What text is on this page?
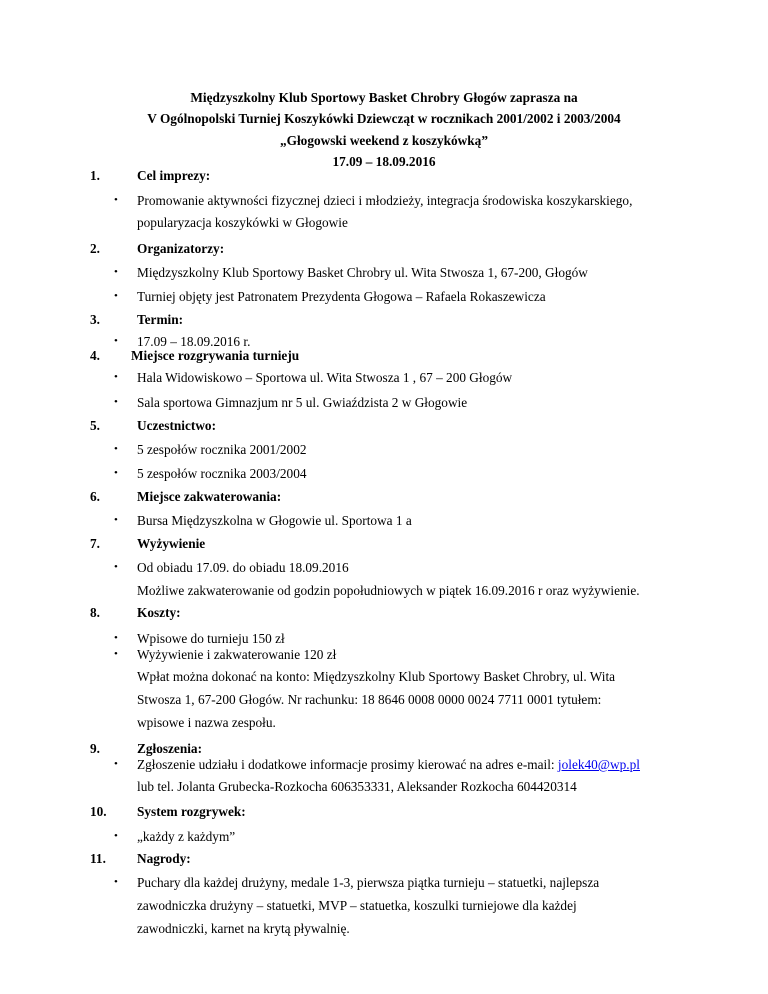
Międzyszkolny Klub Sportowy Basket Chrobry Głogów zaprasza na
V Ogólnopolski Turniej Koszykówki Dziewcząt w rocznikach 2001/2002 i 2003/2004
„Głogowski weekend z koszykówką”
17.09 – 18.09.2016
1.	Cel imprezy:
• Promowanie aktywności fizycznej dzieci i młodzieży, integracja środowiska koszykarskiego,
popularyzacja koszykówki w Głogowie
2.	Organizatorzy:
• Międzyszkolny Klub Sportowy Basket Chrobry ul. Wita Stwosza 1, 67-200, Głogów
• Turniej objęty jest Patronatem Prezydenta Głogowa – Rafaela Rokaszewicza
3.	Termin:
• 17.09 – 18.09.2016 r.
4. Miejsce rozgrywania turnieju
• Hala Widowiskowo – Sportowa ul. Wita Stwosza 1 , 67 – 200 Głogów
• Sala sportowa Gimnazjum nr 5 ul. Gwiaździsta 2 w Głogowie
5.	Uczestnictwo:
• 5 zespołów rocznika 2001/2002
• 5 zespołów rocznika 2003/2004
6.	Miejsce zakwaterowania:
• Bursa Międzyszkolna w Głogowie ul. Sportowa 1 a
7.	Wyżywienie
• Od obiadu 17.09. do obiadu 18.09.2016
Możliwe zakwaterowanie od godzin popołudniowych w piątek 16.09.2016 r oraz wyżywienie.
8.	Koszty:
• Wpisowe do turnieju 150 zł
• Wyżywienie i zakwaterowanie 120 zł
Wpłat można dokonać na konto: Międzyszkolny Klub Sportowy Basket Chrobry, ul. Wita
Stwosza 1, 67-200 Głogów. Nr rachunku: 18 8646 0008 0000 0024 7711 0001 tytułem:
wpisowe i nazwa zespołu.
9.	Zgłoszenia:
• Zgłoszenie udziału i dodatkowe informacje prosimy kierować na adres e-mail: jolek40@wp.pl
lub tel. Jolanta Grubecka-Rozkocha 606353331, Aleksander Rozkocha 604420314
10. System rozgrywek:
• „każdy z każdym”
11. Nagrody:
• Puchary dla każdej drużyny, medale 1-3, pierwsza piątka turnieju – statuetki, najlepsza
zawodniczka drużyny – statuetki, MVP – statuetka, koszulki turniejowe dla każdej
zawodniczki, karnet na krytą pływalnię.
